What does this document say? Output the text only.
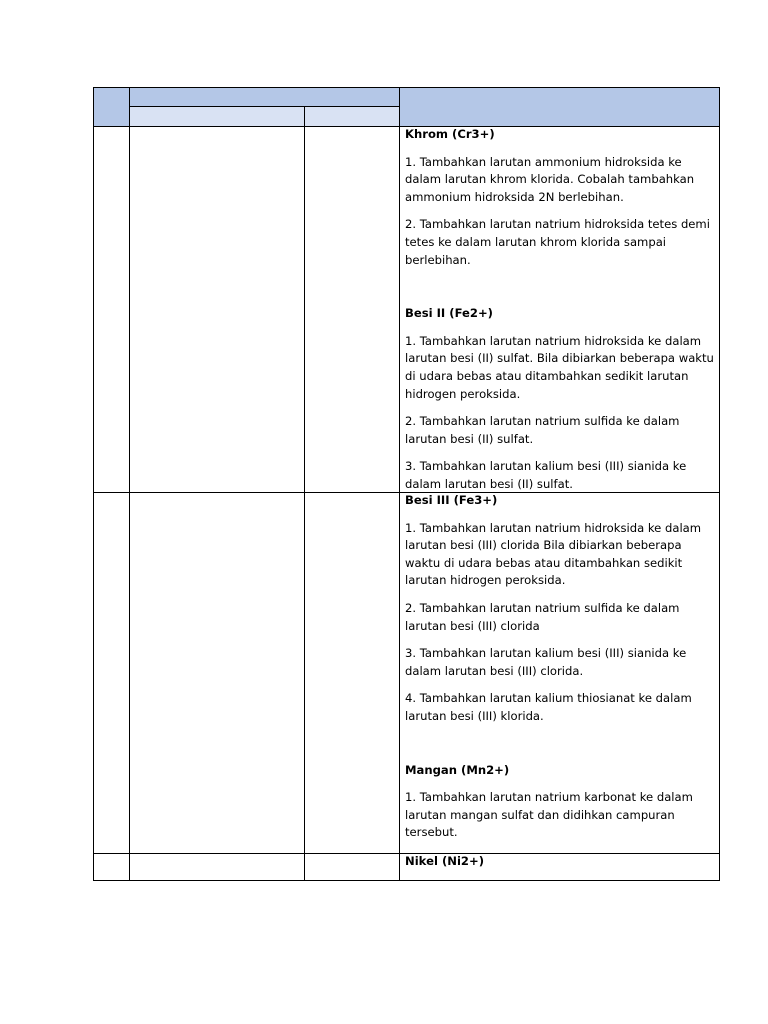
Khrom (Cr3+)

1. Tambahkan larutan ammonium hidroksida ke dalam larutan khrom klorida. Cobalah tambahkan ammonium hidroksida 2N berlebihan.

2. Tambahkan larutan natrium hidroksida tetes demi tetes ke dalam larutan khrom klorida sampai berlebihan.

Besi II (Fe2+)

1. Tambahkan larutan natrium hidroksida ke dalam larutan besi (II) sulfat. Bila dibiarkan beberapa waktu di udara bebas atau ditambahkan sedikit larutan hidrogen peroksida.

2. Tambahkan larutan natrium sulfida ke dalam larutan besi (II) sulfat.

3. Tambahkan larutan kalium besi (III) sianida ke dalam larutan besi (II) sulfat.

Besi III (Fe3+)

1. Tambahkan larutan natrium hidroksida ke dalam larutan besi (III) clorida Bila dibiarkan beberapa waktu di udara bebas atau ditambahkan sedikit larutan hidrogen peroksida.

2. Tambahkan larutan natrium sulfida ke dalam larutan besi (III) clorida

3. Tambahkan larutan kalium besi (III) sianida ke dalam larutan besi (III) clorida.

4. Tambahkan larutan kalium thiosianat ke dalam larutan besi (III) klorida.

Mangan (Mn2+)

1. Tambahkan larutan natrium karbonat ke dalam larutan mangan sulfat dan didihkan campuran tersebut.

Nikel (Ni2+)
